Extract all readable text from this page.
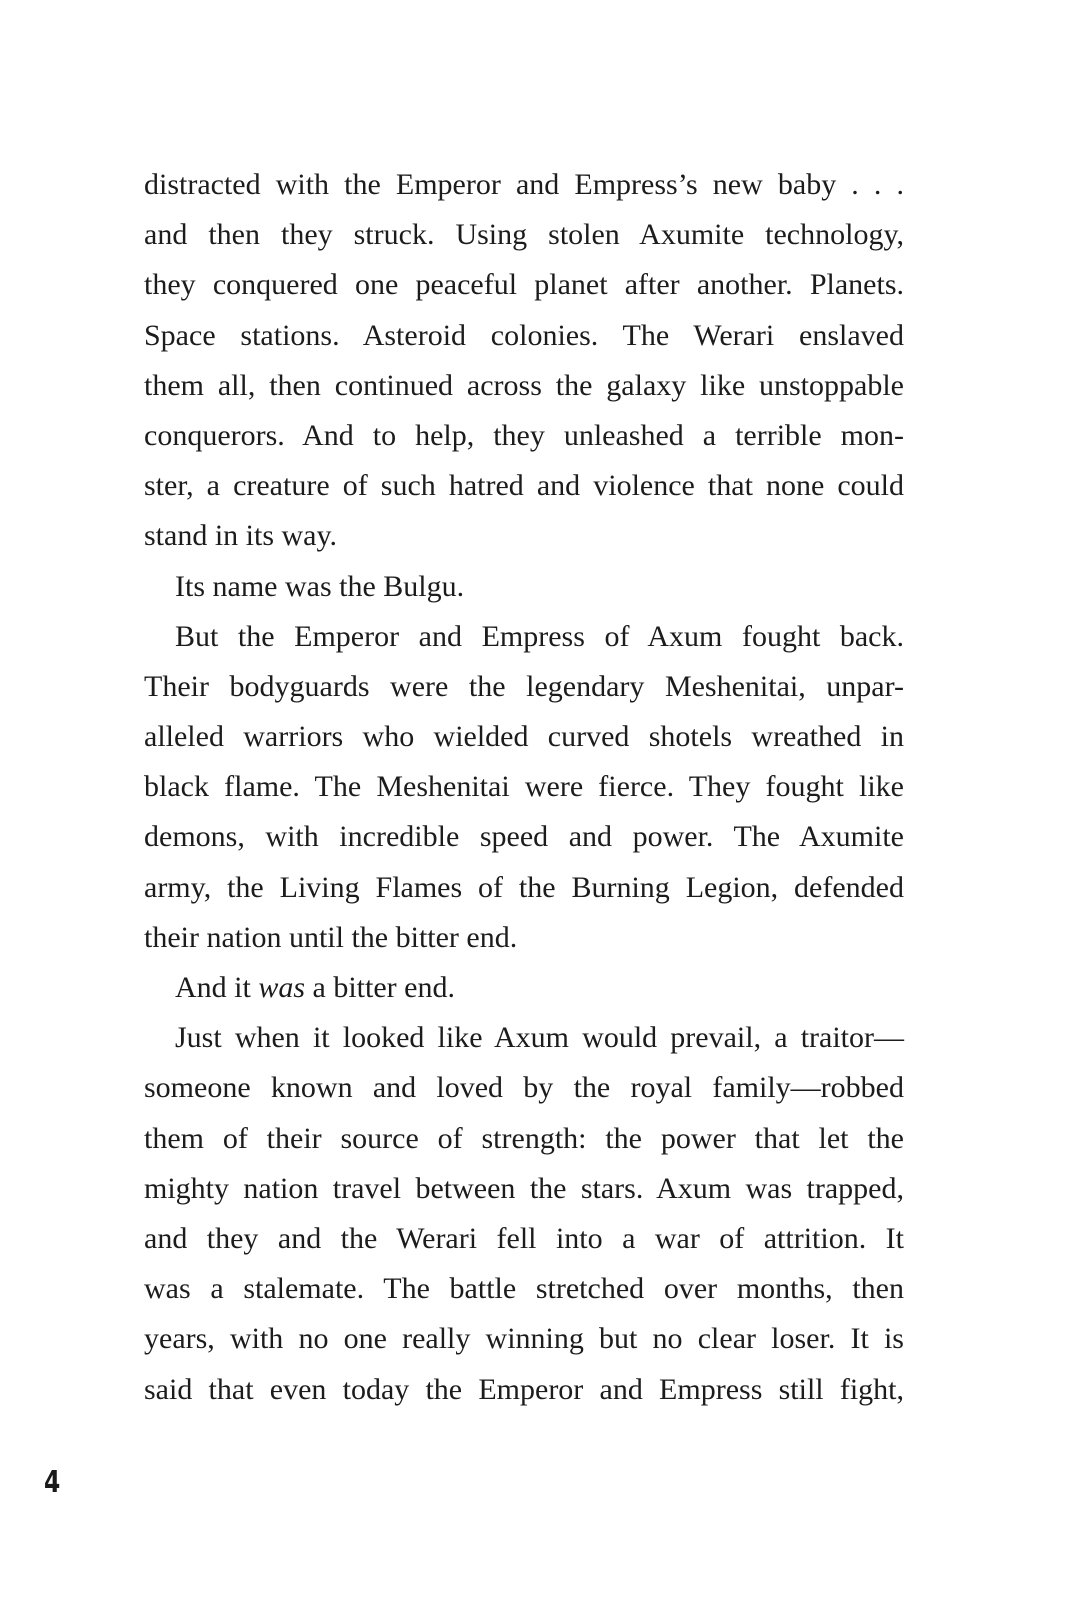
distracted with the Emperor and Empress’s new baby . . .
and then they struck. Using stolen Axumite technology,
they conquered one peaceful planet after another. Planets.
Space stations. Asteroid colonies. The Werari enslaved
them all, then continued across the galaxy like unstoppable
conquerors. And to help, they unleashed a terrible mon-
ster, a creature of such hatred and violence that none could
stand in its way.
Its name was the Bulgu.
But the Emperor and Empress of Axum fought back.
Their bodyguards were the legendary Meshenitai, unpar-
alleled warriors who wielded curved shotels wreathed in
black flame. The Meshenitai were fierce. They fought like
demons, with incredible speed and power. The Axumite
army, the Living Flames of the Burning Legion, defended
their nation until the bitter end.
And it was a bitter end.
Just when it looked like Axum would prevail, a traitor—
someone known and loved by the royal family—robbed
them of their source of strength: the power that let the
mighty nation travel between the stars. Axum was trapped,
and they and the Werari fell into a war of attrition. It
was a stalemate. The battle stretched over months, then
years, with no one really winning but no clear loser. It is
said that even today the Emperor and Empress still fight,
4
